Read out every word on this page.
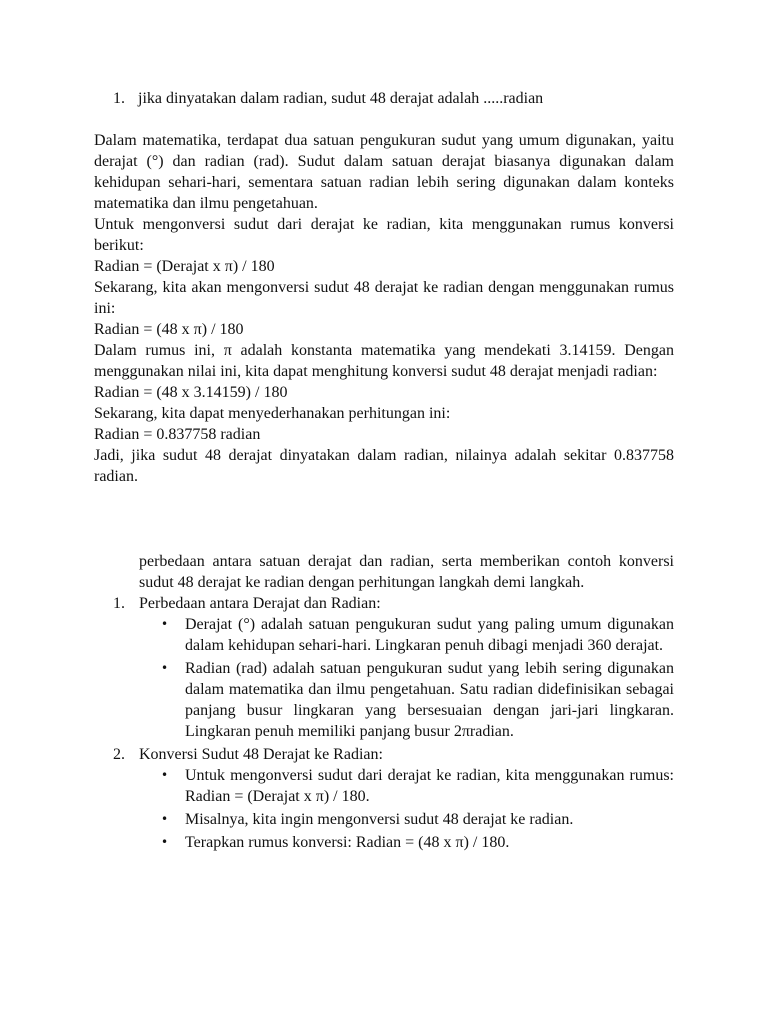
1. jika dinyatakan dalam radian, sudut 48 derajat adalah .....radian

Dalam matematika, terdapat dua satuan pengukuran sudut yang umum digunakan, yaitu derajat (°) dan radian (rad). Sudut dalam satuan derajat biasanya digunakan dalam kehidupan sehari-hari, sementara satuan radian lebih sering digunakan dalam konteks matematika dan ilmu pengetahuan.

Untuk mengonversi sudut dari derajat ke radian, kita menggunakan rumus konversi berikut:

Radian = (Derajat x π) / 180

Sekarang, kita akan mengonversi sudut 48 derajat ke radian dengan menggunakan rumus ini:

Radian = (48 x π) / 180

Dalam rumus ini, π adalah konstanta matematika yang mendekati 3.14159. Dengan menggunakan nilai ini, kita dapat menghitung konversi sudut 48 derajat menjadi radian:

Radian = (48 x 3.14159) / 180

Sekarang, kita dapat menyederhanakan perhitungan ini:

Radian = 0.837758 radian

Jadi, jika sudut 48 derajat dinyatakan dalam radian, nilainya adalah sekitar 0.837758 radian.

perbedaan antara satuan derajat dan radian, serta memberikan contoh konversi sudut 48 derajat ke radian dengan perhitungan langkah demi langkah.

1. Perbedaan antara Derajat dan Radian:
• Derajat (°) adalah satuan pengukuran sudut yang paling umum digunakan dalam kehidupan sehari-hari. Lingkaran penuh dibagi menjadi 360 derajat.
• Radian (rad) adalah satuan pengukuran sudut yang lebih sering digunakan dalam matematika dan ilmu pengetahuan. Satu radian didefinisikan sebagai panjang busur lingkaran yang bersesuaian dengan jari-jari lingkaran. Lingkaran penuh memiliki panjang busur 2πradian.
2. Konversi Sudut 48 Derajat ke Radian:
• Untuk mengonversi sudut dari derajat ke radian, kita menggunakan rumus: Radian = (Derajat x π) / 180.
• Misalnya, kita ingin mengonversi sudut 48 derajat ke radian.
• Terapkan rumus konversi: Radian = (48 x π) / 180.
